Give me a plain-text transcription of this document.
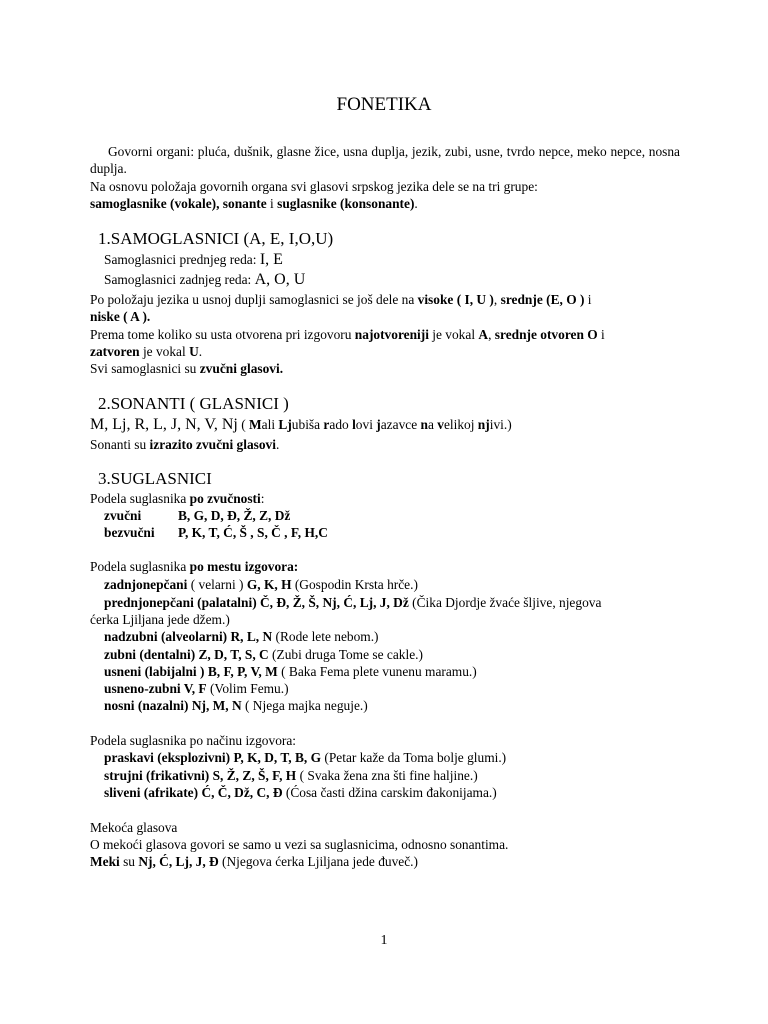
FONETIKA
Govorni organi: pluća, dušnik, glasne žice, usna duplja, jezik, zubi, usne, tvrdo nepce, meko nepce, nosna duplja.
Na osnovu položaja govornih organa svi glasovi srpskog jezika dele se na tri grupe:
samoglasnike (vokale), sonante i suglasnike (konsonante).
1.SAMOGLASNICI (A, E, I,O,U)
Samoglasnici prednjeg reda: I, E
Samoglasnici zadnjeg reda: A, O, U
Po položaju jezika u usnoj duplji samoglasnici se još dele na visoke ( I, U ), srednje (E, O ) i
niske ( A ).
Prema tome koliko su usta otvorena pri izgovoru najotvoreniji je vokal A, srednje otvoren O i
zatvoren je vokal U.
Svi samoglasnici su zvučni glasovi.
2.SONANTI ( GLASNICI )
M, Lj, R, L, J, N, V, Nj ( Mali Ljubiša rado lovi jazavce na velikoj njivi.)
Sonanti su izrazito zvučni glasovi.
3.SUGLASNICI
Podela suglasnika po zvučnosti:
zvučni	B, G, D, Đ, Ž, Z, Dž
bezvučni P, K, T, Ć, Š , S, Č , F, H,C
Podela suglasnika po mestu izgovora:
zadnjonepčani ( velarni ) G, K, H (Gospodin Krsta hrče.)
prednjonepčani (palatalni) Č, Đ, Ž, Š, Nj, Ć, Lj, J, Dž (Čika Djordje žvaće šljive, njegova
ćerka Ljiljana jede džem.)
nadzubni (alveolarni) R, L, N (Rode lete nebom.)
zubni (dentalni) Z, D, T, S, C (Zubi druga Tome se cakle.)
usneni (labijalni ) B, F, P, V, M ( Baka Fema plete vunenu maramu.)
usneno-zubni V, F (Volim Femu.)
nosni (nazalni) Nj, M, N ( Njega majka neguje.)
Podela suglasnika po načinu izgovora:
praskavi (eksplozivni) P, K, D, T, B, G (Petar kaže da Toma bolje glumi.)
strujni (frikativni) S, Ž, Z, Š, F, H ( Svaka žena zna šti fine haljine.)
sliveni (afrikate) Ć, Č, Dž, C, Đ (Ćosa časti džina carskim đakonijama.)
Mekoća glasova
O mekoći glasova govori se samo u vezi sa suglasnicima, odnosno sonantima.
Meki su Nj, Ć, Lj, J, Đ (Njegova ćerka Ljiljana jede đuveč.)
1
